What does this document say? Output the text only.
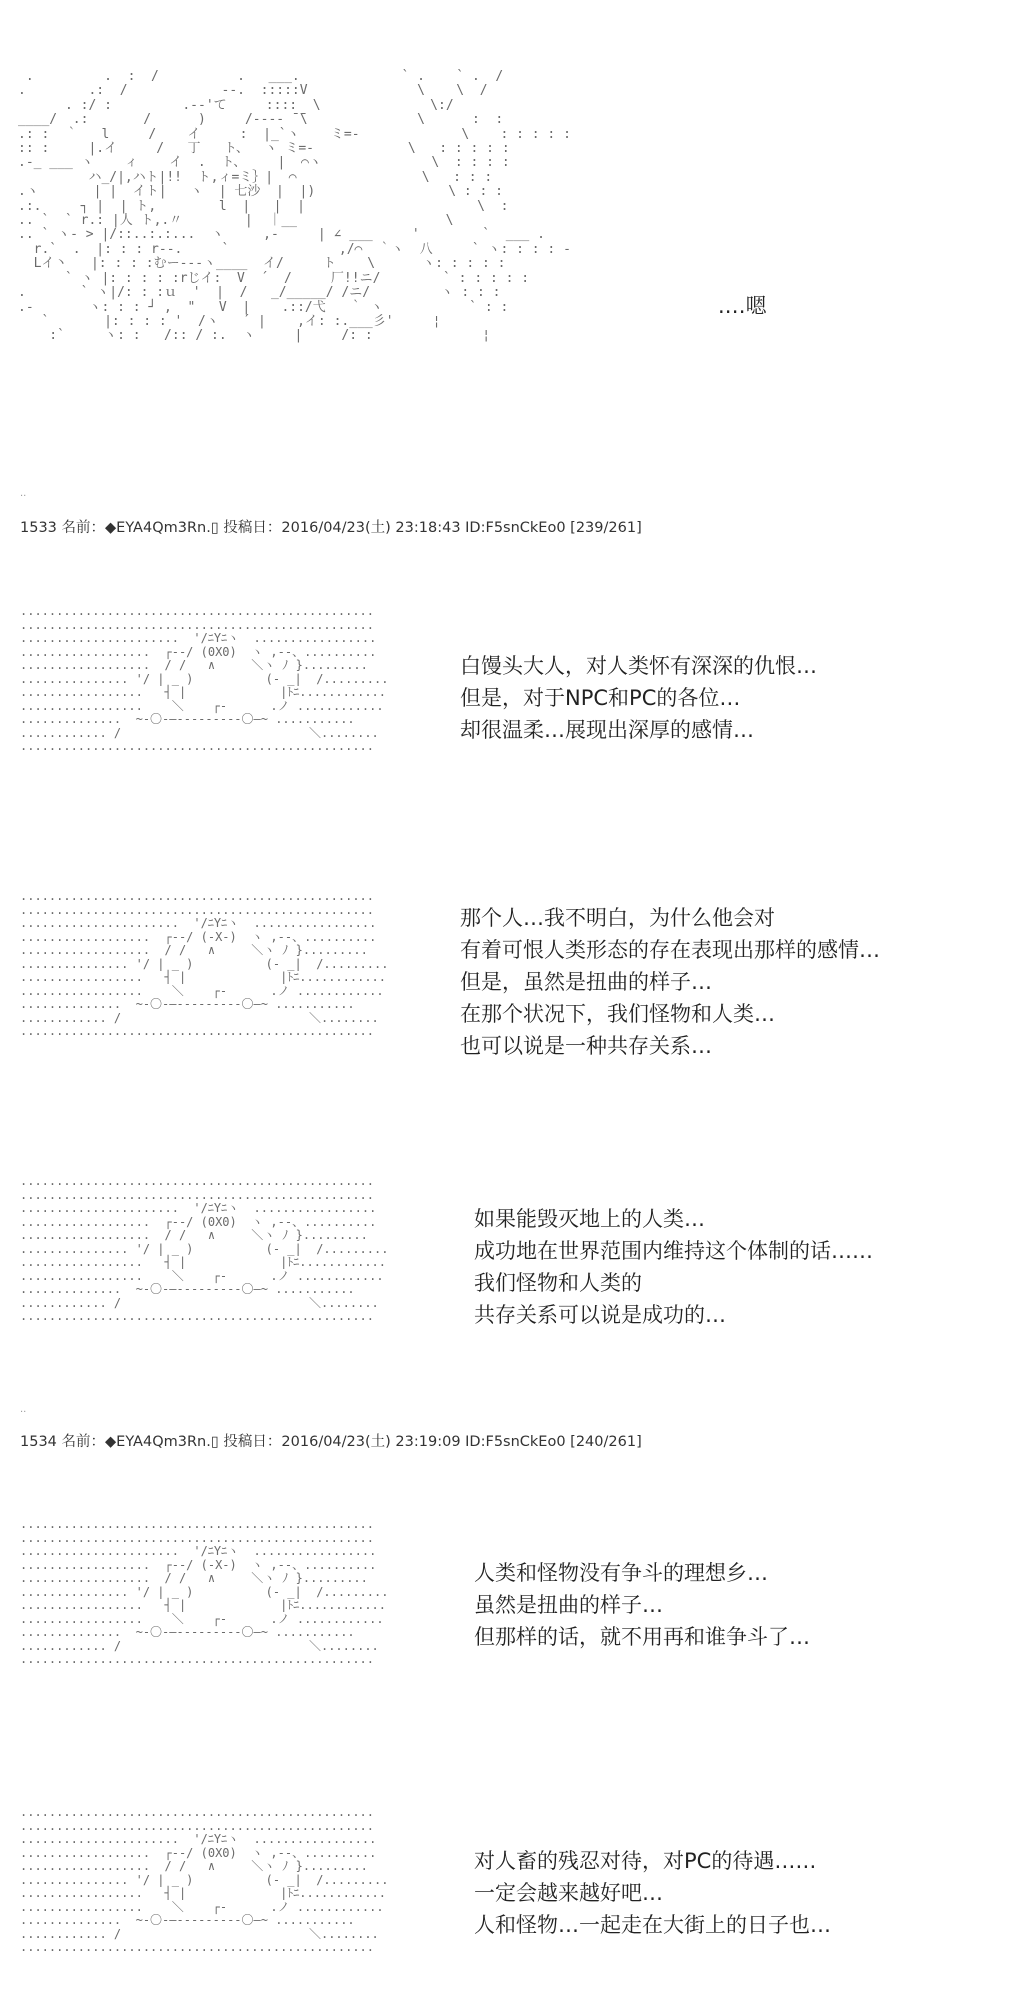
.         .  :  /          .   ___.             ` .    ` .  /
.        .:  /            --.  :::::V              \    \  /
. :/ :         .-‐'て     ::::  \              \:/
____/  .:       /      )     /---‐ ̄ ̄\              \      :  :
.: :  ｀   l     /    イ     :  |_`ヽ    ミ=-             \    : : : : :
:: :     |.イ     /   丁   ト、  ヽ ミ=-            \   : : : : :
.-_ ___ ヽ    ィ    イ  .  ト、    |  ⌒ヽ              \  : : : :
ハ_/|,ハト|!!  ト,ィ=ミ｝|  ⌒                \   : : :
.ヽ       | |  イト|   ヽ  | 七沙  |  |)                 \ : : :
.:.     ┐ |  | ト,        l  |   |  |                      \  :
.. `  ` r.: |人 ト,.〃        |  ｜__                   \
.. ` ヽ- > |/::..:.:...  ヽ     ,-     | ∠ ___     '        `  ___ .
r.`  .  |: : : r--.     `              ,/⌒  ｀ヽ  八     ` ヽ: : : : -
Lイ丶   |: : : :むー---ヽ____  イ/     ト    \      ヽ: : : : :
` ヽ |: : : : :rじイ:  V  ´  /     厂!!ニ/        ` : : : : :
.       ` ヽ|/: : :ｕ  '  |  /   _/_____/ /ニ/         ヽ : : :
.-       ヽ: : : ┘ ,  "   V  |    .::/弋   ｀ ヽ           ` : :
`       |: : : : '  /ヽ   ´ |    ,イ: :.___彡'     ¦
:`     ヽ: :   /:: / :.  ヽ     |     /: :              ¦

.…嗯
..
1533 名前：◆EYA4Qm3Rn.▯ 投稿日：2016/04/23(土) 23:18:43 ID:F5snCkEo0 [239/261]
.................................................
.................................................
......................  '/ﾆYﾆヽ  .................
..................  ┌--/ (0X0)  ヽ ,--、..........
..................  / /   ∧     ＼ヽ ﾉ }.........
............... '/ | _ )          (- _|  /.........
.................   ┤ |             |ﾄﾆ............
.................    ＼    ┌-      .ノ ............
..............  ~‐〇-―---------〇―~ ...........
............ /                          ＼........
.................................................

白馒头大人，对人类怀有深深的仇恨…
但是，对于NPC和PC的各位…
却很温柔…展现出深厚的感情…
.................................................
.................................................
......................  '/ﾆYﾆヽ  .................
..................  ┌--/ (-X-)  ヽ ,--、..........
..................  / /   ∧     ＼ヽ ﾉ }.........
............... '/ | _ )          (- _|  /.........
.................   ┤ |             |ﾄﾆ............
.................    ＼    ┌-      .ノ ............
..............  ~‐〇-―---------〇―~ ...........
............ /                          ＼........
.................................................

那个人…我不明白，为什么他会对
有着可恨人类形态的存在表现出那样的感情…
但是，虽然是扭曲的样子…
在那个状况下，我们怪物和人类…
也可以说是一种共存关系…
.................................................
.................................................
......................  '/ﾆYﾆヽ  .................
..................  ┌--/ (0X0)  ヽ ,--、..........
..................  / /   ∧     ＼ヽ ﾉ }.........
............... '/ | _ )          (- _|  /.........
.................   ┤ |             |ﾄﾆ............
.................    ＼    ┌-      .ノ ............
..............  ~‐〇-―---------〇―~ ...........
............ /                          ＼........
.................................................

如果能毁灭地上的人类…
成功地在世界范围内维持这个体制的话……
我们怪物和人类的
共存关系可以说是成功的…
..
1534 名前：◆EYA4Qm3Rn.▯ 投稿日：2016/04/23(土) 23:19:09 ID:F5snCkEo0 [240/261]
.................................................
.................................................
......................  '/ﾆYﾆヽ  .................
..................  ┌--/ (-X-)  ヽ ,--、..........
..................  / /   ∧     ＼ヽ ﾉ }.........
............... '/ | _ )          (- _|  /.........
.................   ┤ |             |ﾄﾆ............
.................    ＼    ┌-      .ノ ............
..............  ~‐〇-―---------〇―~ ...........
............ /                          ＼........
.................................................

人类和怪物没有争斗的理想乡…
虽然是扭曲的样子…
但那样的话，就不用再和谁争斗了…
.................................................
.................................................
......................  '/ﾆYﾆヽ  .................
..................  ┌--/ (0X0)  ヽ ,--、..........
..................  / /   ∧     ＼ヽ ﾉ }.........
............... '/ | _ )          (- _|  /.........
.................   ┤ |             |ﾄﾆ............
.................    ＼    ┌-      .ノ ............
..............  ~‐〇-―---------〇―~ ...........
............ /                          ＼........
.................................................

对人畜的残忍对待，对PC的待遇……
一定会越来越好吧…
人和怪物…一起走在大街上的日子也…
